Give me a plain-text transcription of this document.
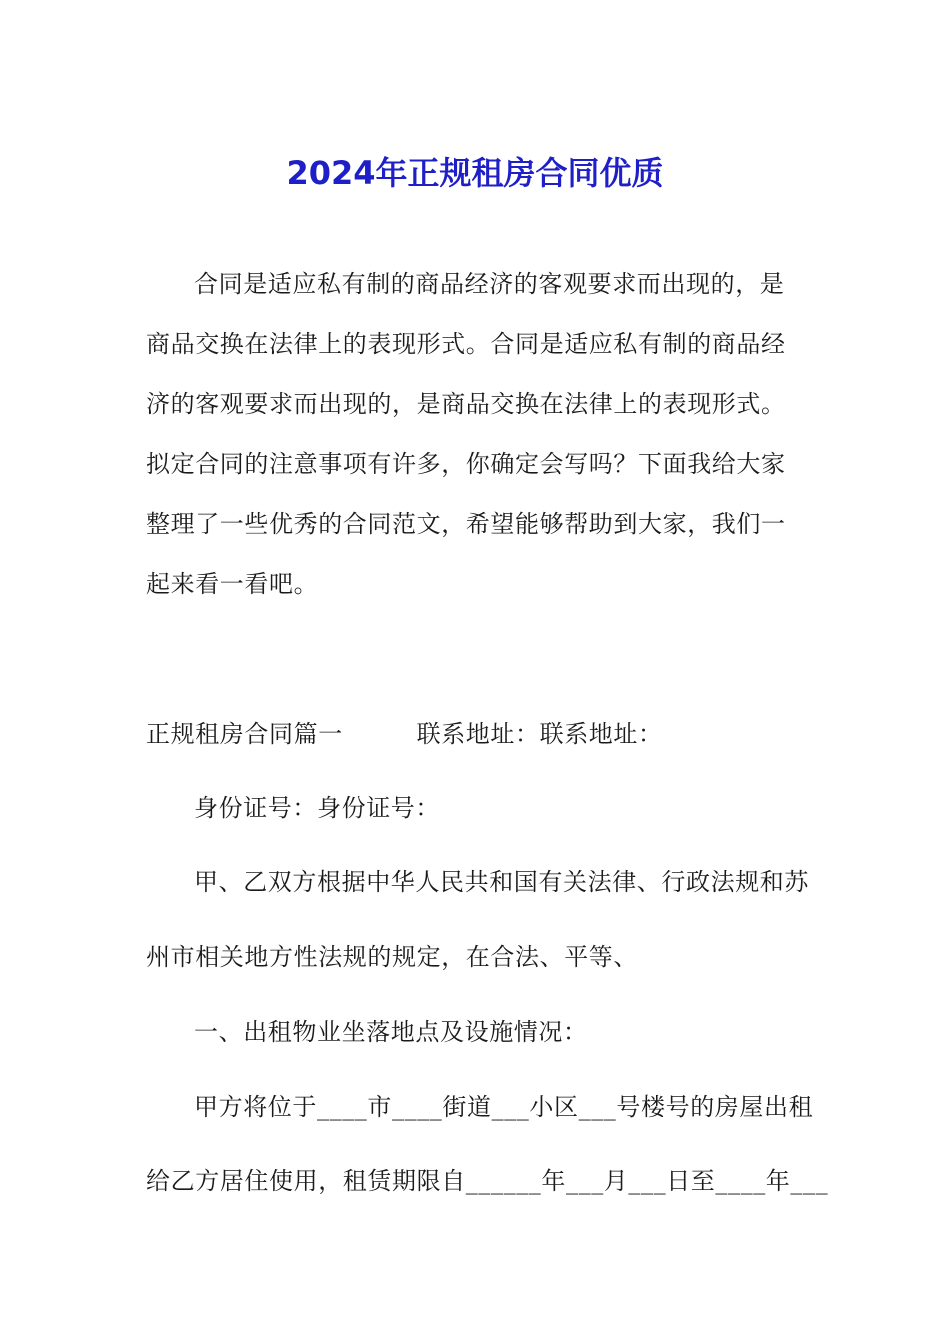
2024年正规租房合同优质

合同是适应私有制的商品经济的客观要求而出现的，是商品交换在法律上的表现形式。合同是适应私有制的商品经济的客观要求而出现的，是商品交换在法律上的表现形式。拟定合同的注意事项有许多，你确定会写吗？下面我给大家整理了一些优秀的合同范文，希望能够帮助到大家，我们一起来看一看吧。

正规租房合同篇一　　　联系地址：联系地址：

身份证号：身份证号：

甲、乙双方根据中华人民共和国有关法律、行政法规和苏

州市相关地方性法规的规定，在合法、平等、

一、出租物业坐落地点及设施情况：

甲方将位于____市____街道___小区___号楼号的房屋出租

给乙方居住使用，租赁期限自______年___月___日至____年___
